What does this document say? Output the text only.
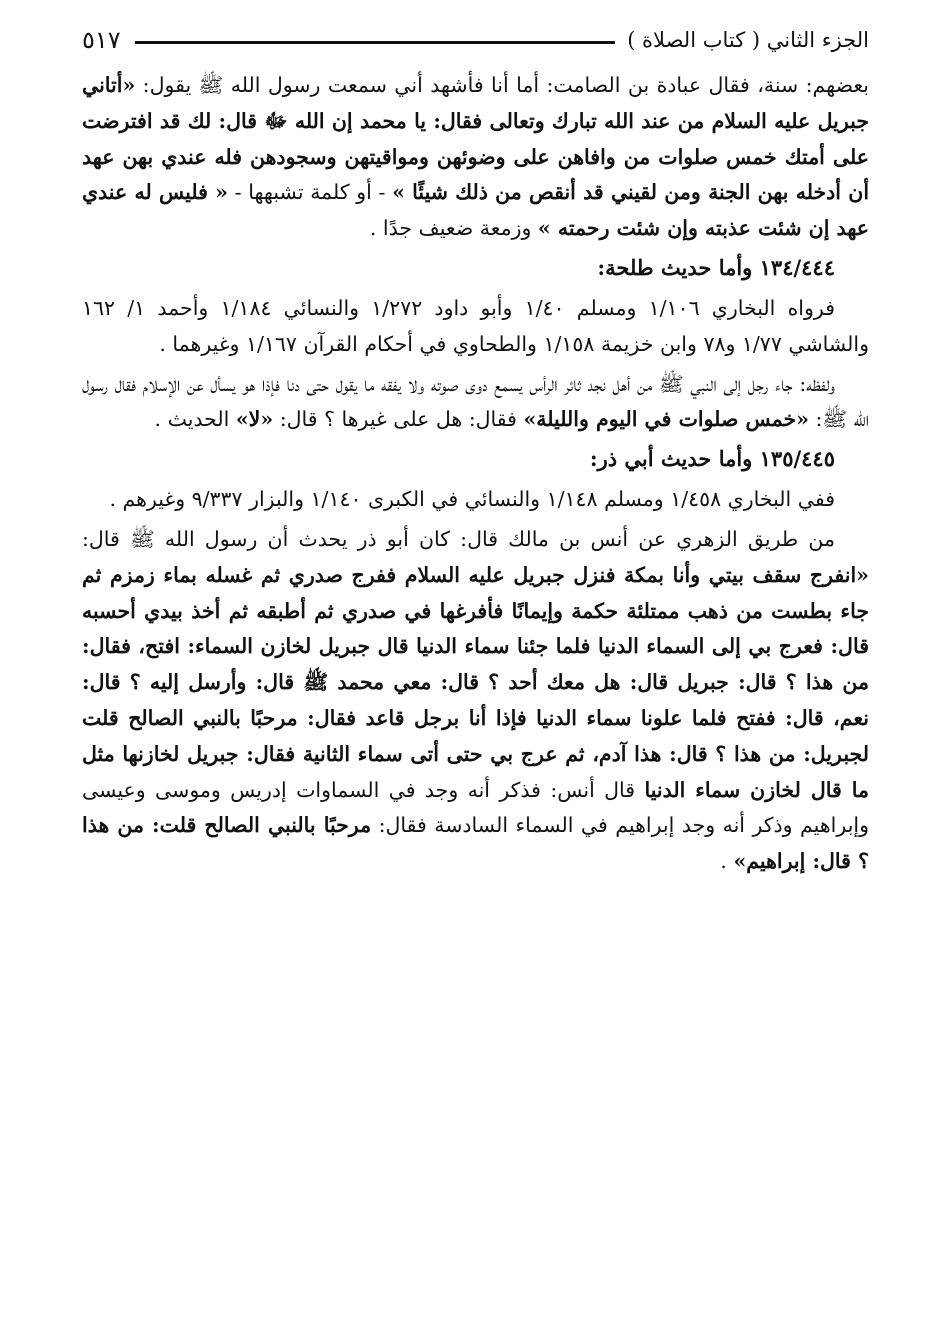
الجزء الثاني ( كتاب الصلاة )
٥١٧

بعضهم: سنة، فقال عبادة بن الصامت: أما أنا فأشهد أني سمعت رسول الله ﷺ يقول: «أتاني جبريل عليه السلام من عند الله تبارك وتعالى فقال: يا محمد إن الله ﷻ قال: لك قد افترضت على أمتك خمس صلوات من وافاهن على وضوئهن ومواقيتهن وسجودهن فله عندي بهن عهد أن أدخله بهن الجنة ومن لقيني قد أنقص من ذلك شيئًا » - أو كلمة تشبهها - « فليس له عندي عهد إن شئت عذبته وإن شئت رحمته » وزمعة ضعيف جدًا .

١٣٤/٤٤٤ وأما حديث طلحة:

فرواه البخاري ١/١٠٦ ومسلم ١/٤٠ وأبو داود ١/٢٧٢ والنسائي ١/١٨٤ وأحمد ١/ ١٦٢ والشاشي ١/٧٧ و٧٨ وابن خزيمة ١/١٥٨ والطحاوي في أحكام القرآن ١/١٦٧ وغيرهما .

ولفظه: جاء رجل إلى النبي ﷺ من أهل نجد ثائر الرأس يسمع دوى صوته ولا يفقه ما يقول حتى دنا فإذا هو يسأل عن الإسلام فقال رسول الله ﷺ: «خمس صلوات في اليوم والليلة» فقال: هل على غيرها ؟ قال: «لا» الحديث .

١٣٥/٤٤٥ وأما حديث أبي ذر:

ففي البخاري ١/٤٥٨ ومسلم ١/١٤٨ والنسائي في الكبرى ١/١٤٠ والبزار ٩/٣٣٧ وغيرهم .

من طريق الزهري عن أنس بن مالك قال: كان أبو ذر يحدث أن رسول الله ﷺ قال: «انفرج سقف بيتي وأنا بمكة فنزل جبريل عليه السلام ففرج صدري ثم غسله بماء زمزم ثم جاء بطست من ذهب ممتلئة حكمة وإيمانًا فأفرغها في صدري ثم أطبقه ثم أخذ بيدي أحسبه قال: فعرج بي إلى السماء الدنيا فلما جئنا سماء الدنيا قال جبريل لخازن السماء: افتح، فقال: من هذا ؟ قال: جبريل قال: هل معك أحد ؟ قال: معي محمد ﷺ قال: وأرسل إليه ؟ قال: نعم، قال: ففتح فلما علونا سماء الدنيا فإذا أنا برجل قاعد فقال: مرحبًا بالنبي الصالح قلت لجبريل: من هذا ؟ قال: هذا آدم، ثم عرج بي حتى أتى سماء الثانية فقال: جبريل لخازنها مثل ما قال لخازن سماء الدنيا قال أنس: فذكر أنه وجد في السماوات إدريس وموسى وعيسى وإبراهيم وذكر أنه وجد إبراهيم في السماء السادسة فقال: مرحبًا بالنبي الصالح قلت: من هذا ؟ قال: إبراهيم» .
